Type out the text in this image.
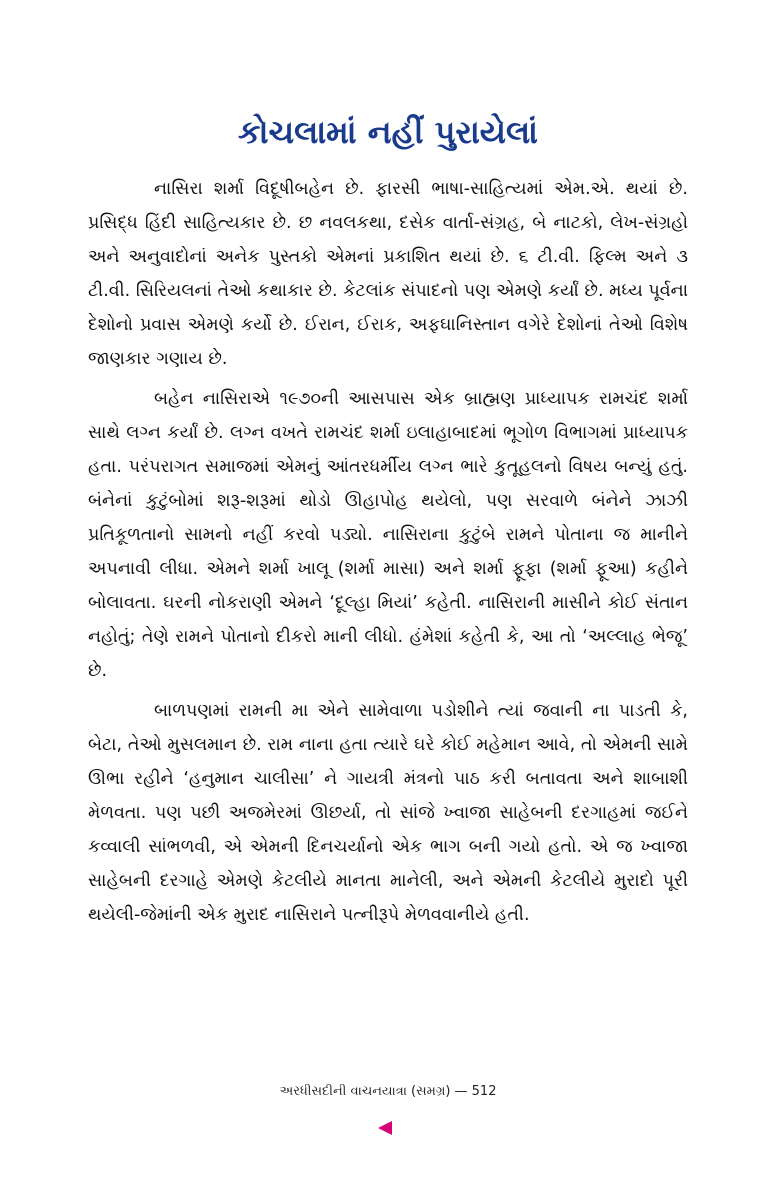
કોચલામાં નહીં પુરાયેલાં

નાસિરા શર્મા વિદૂષીબહેન છે. ફારસી ભાષા-સાહિત્યમાં એમ.એ. થયાં છે. પ્રસિદ્ધ હિંદી સાહિત્યકાર છે. છ નવલકથા, દસેક વાર્તા-સંગ્રહ, બે નાટકો, લેખ-સંગ્રહો અને અનુવાદોનાં અનેક પુસ્તકો એમનાં પ્રકાશિત થયાં છે. ૬ ટી.વી. ફિલ્મ અને ૩ ટી.વી. સિરિયલનાં તેઓ કથાકાર છે. કેટલાંક સંપાદનો પણ એમણે કર્યાં છે. મધ્ય પૂર્વના દેશોનો પ્રવાસ એમણે કર્યો છે. ઈરાન, ઈરાક, અફઘાનિસ્તાન વગેરે દેશોનાં તેઓ વિશેષ જાણકાર ગણાય છે.

બહેન નાસિરાએ ૧૯૭૦ની આસપાસ એક બ્રાહ્મણ પ્રાધ્યાપક રામચંદ શર્મા સાથે લગ્ન કર્યાં છે. લગ્ન વખતે રામચંદ શર્મા ઇલાહાબાદમાં ભૂગોળ વિભાગમાં પ્રાધ્યાપક હતા. પરંપરાગત સમાજમાં એમનું આંતરધર્મીય લગ્ન ભારે કુતૂહલનો વિષય બન્યું હતું. બંનેનાં કુટુંબોમાં શરૂ-શરૂમાં થોડો ઊહાપોહ થયેલો, પણ સરવાળે બંનેને ઝાઝી પ્રતિકૂળતાનો સામનો નહીં કરવો પડ્યો. નાસિરાના કુટુંબે રામને પોતાના જ માનીને અપનાવી લીધા. એમને શર્મા ખાલૂ (શર્મા માસા) અને શર્મા ફૂફા (શર્મા ફૂઆ) કહીને બોલાવતા. ઘરની નોકરાણી એમને ‘દૂલ્હા મિયાં’ કહેતી. નાસિરાની માસીને કોઈ સંતાન નહોતું; તેણે રામને પોતાનો દીકરો માની લીધો. હંમેશાં કહેતી કે, આ તો ‘અલ્લાહ ભેજૂ’ છે.

બાળપણમાં રામની મા એને સામેવાળા પડોશીને ત્યાં જવાની ના પાડતી કે, બેટા, તેઓ મુસલમાન છે. રામ નાના હતા ત્યારે ઘરે કોઈ મહેમાન આવે, તો એમની સામે ઊભા રહીને ‘હનુમાન ચાલીસા’ ને ગાયત્રી મંત્રનો પાઠ કરી બતાવતા અને શાબાશી મેળવતા. પણ પછી અજમેરમાં ઊછર્યા, તો સાંજે ખ્વાજા સાહેબની દરગાહમાં જઈને કવ્વાલી સાંભળવી, એ એમની દિનચર્યાનો એક ભાગ બની ગયો હતો. એ જ ખ્વાજા સાહેબની દરગાહે એમણે કેટલીયે માનતા માનેલી, અને એમની કેટલીયે મુરાદો પૂરી થયેલી-જેમાંની એક મુરાદ નાસિરાને પત્નીરૂપે મેળવવાનીયે હતી.

અરધીસદીની વાચનયાત્રા (સમગ્ર) — 512
